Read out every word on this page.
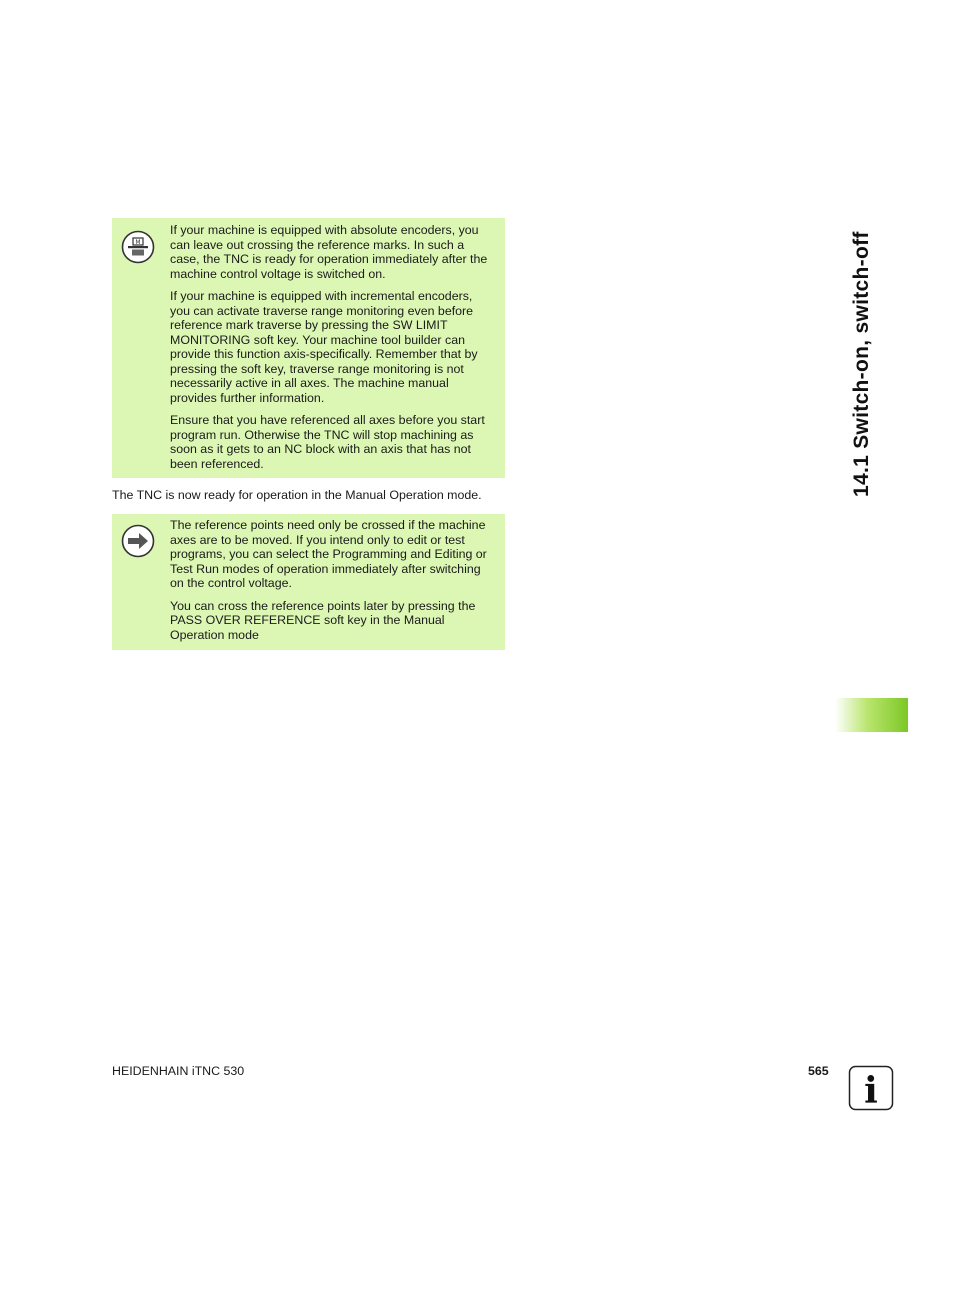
M

If your machine is equipped with absolute encoders, you can leave out crossing the reference marks. In such a case, the TNC is ready for operation immediately after the machine control voltage is switched on.

If your machine is equipped with incremental encoders, you can activate traverse range monitoring even before reference mark traverse by pressing the SW LIMIT MONITORING soft key. Your machine tool builder can provide this function axis-specifically. Remember that by pressing the soft key, traverse range monitoring is not necessarily active in all axes. The machine manual provides further information.

Ensure that you have referenced all axes before you start program run. Otherwise the TNC will stop machining as soon as it gets to an NC block with an axis that has not been referenced.

The TNC is now ready for operation in the Manual Operation mode.

The reference points need only be crossed if the machine axes are to be moved. If you intend only to edit or test programs, you can select the Programming and Editing or Test Run modes of operation immediately after switching on the control voltage.

You can cross the reference points later by pressing the PASS OVER REFERENCE soft key in the Manual Operation mode

14.1 Switch-on, switch-off
HEIDENHAIN iTNC 530	565 i
